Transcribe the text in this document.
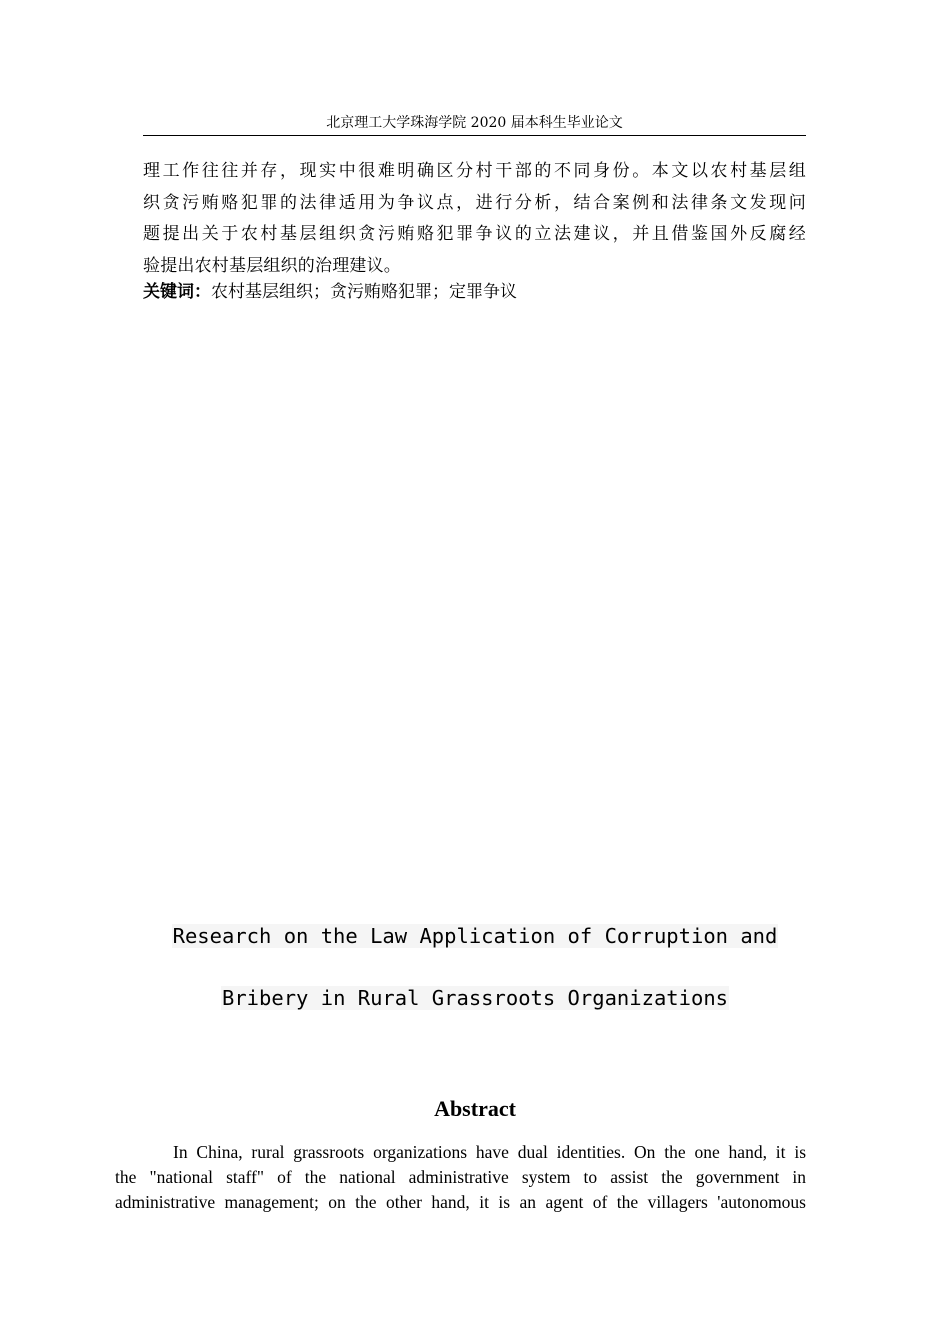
北京理工大学珠海学院 2020 届本科生毕业论文
理工作往往并存，现实中很难明确区分村干部的不同身份。本文以农村基层组
织贪污贿赂犯罪的法律适用为争议点，进行分析，结合案例和法律条文发现问
题提出关于农村基层组织贪污贿赂犯罪争议的立法建议，并且借鉴国外反腐经
验提出农村基层组织的治理建议。
关键词：农村基层组织；贪污贿赂犯罪；定罪争议
Research on the Law Application of Corruption and
Bribery in Rural Grassroots Organizations
Abstract
In China, rural grassroots organizations have dual identities. On the one hand, it is
the "national staff" of the national administrative system to assist the government in
administrative management; on the other hand, it is an agent of the villagers 'autonomous
